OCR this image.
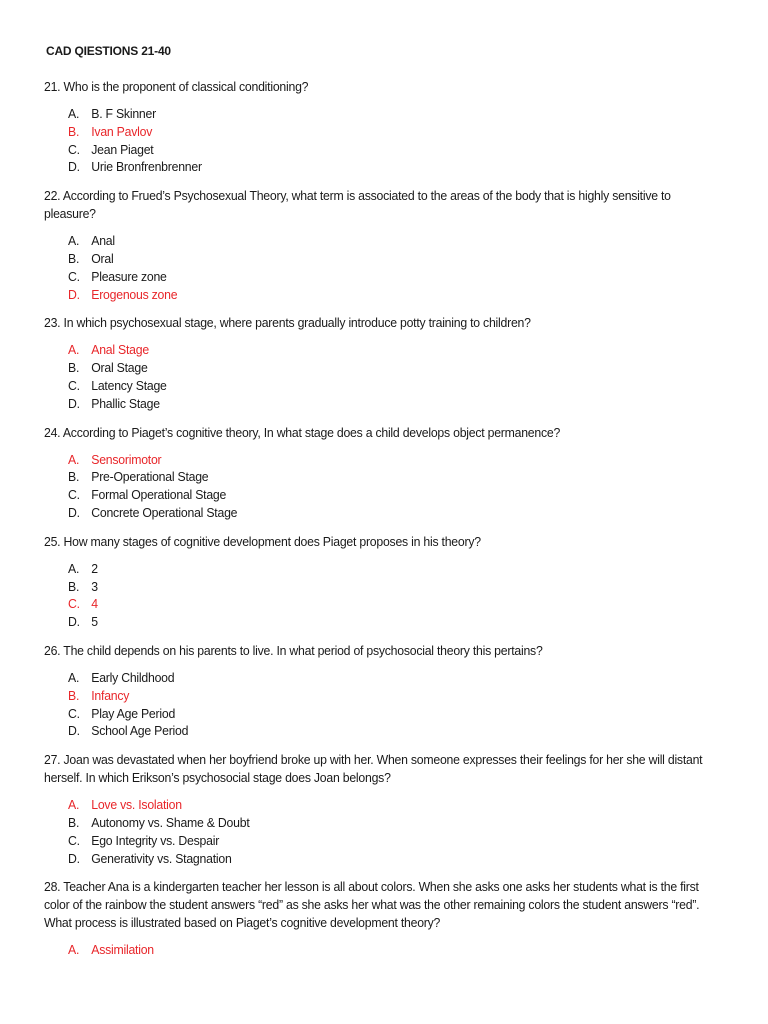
CAD QIESTIONS 21-40
21. Who is the proponent of classical conditioning?
A. B. F Skinner
B. Ivan Pavlov
C. Jean Piaget
D. Urie Bronfrenbrenner
22. According to Frued’s Psychosexual Theory, what term is associated to the areas of the body that is highly sensitive to pleasure?
A. Anal
B. Oral
C. Pleasure zone
D. Erogenous zone
23. In which psychosexual stage, where parents gradually introduce potty training to children?
A. Anal Stage
B. Oral Stage
C. Latency Stage
D. Phallic Stage
24. According to Piaget’s cognitive theory, In what stage does a child develops object permanence?
A. Sensorimotor
B. Pre-Operational Stage
C. Formal Operational Stage
D. Concrete Operational Stage
25. How many stages of cognitive development does Piaget proposes in his theory?
A. 2
B. 3
C. 4
D. 5
26. The child depends on his parents to live. In what period of psychosocial theory this pertains?
A. Early Childhood
B. Infancy
C. Play Age Period
D. School Age Period
27. Joan was devastated when her boyfriend broke up with her. When someone expresses their feelings for her she will distant herself. In which Erikson’s psychosocial stage does Joan belongs?
A. Love vs. Isolation
B. Autonomy vs. Shame & Doubt
C. Ego Integrity vs. Despair
D. Generativity vs. Stagnation
28. Teacher Ana is a kindergarten teacher her lesson is all about colors. When she asks one asks her students what is the first color of the rainbow the student answers “red” as she asks her what was the other remaining colors the student answers “red”. What process is illustrated based on Piaget’s cognitive development theory?
A. Assimilation
